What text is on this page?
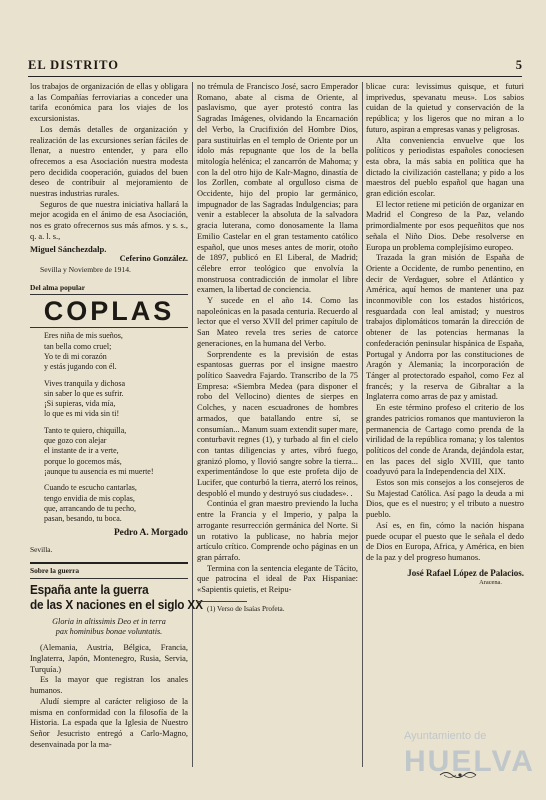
EL DISTRITO	5

los trabajos de organización de ellas y obligara a las Compañías ferroviarias a conceder una tarifa económica para los viajes de los excursionistas.

Los demás detalles de organización y realización de las excursiones serían fáciles de llenar, a nuestro entender, y para ello ofrecemos a esa Asociación nuestra modesta pero decidida cooperación, guiados del buen deseo de contribuir al mejoramiento de nuestras industrias rurales.

Seguros de que nuestra iniciativa hallará la mejor acogida en el ánimo de esa Asociación, nos es grato ofrecernos sus más afmos. y s. s., q. a. l. s.,

Miguel Sánchezdalp.
Ceferino González.
Sevilla y Noviembre de 1914.
Del alma popular
COPLAS
Eres niña de mis sueños,
tan bella como cruel;
Yo te di mi corazón
y estás jugando con él.
Vives tranquila y dichosa
sin saber lo que es sufrir.
¡Si supieras, vida mía,
lo que es mi vida sin ti!
Tanto te quiero, chiquilla,
que gozo con alejar
el instante de ir a verte,
porque lo gocemos más,
¡aunque tu ausencia es mi muerte!
Cuando te escucho cantarlas,
tengo envidia de mis coplas,
que, arrancando de tu pecho,
pasan, besando, tu boca.
Pedro A. Morgado
Sevilla.
Sobre la guerra
España ante la guerra
de las X naciones en el siglo XX
Gloria in altissimis Deo et in terra
pax hominibus bonae voluntatis.

(Alemania, Austria, Bélgica, Francia, Inglaterra, Japón, Montenegro, Rusia, Servia, Turquía.)

Es la mayor que registran los anales humanos.

Aludí siempre al carácter religioso de la misma en conformidad con la filosofía de la Historia. La espada que la Iglesia de Nuestro Señor Jesucristo entregó a Carlo-Magno, desenvainada por la ma-

no trémula de Francisco José, sacro Emperador Romano, abate al cisma de Oriente, al paslavismo, que ayer protestó contra las Sagradas Imágenes, olvidando la Encarnación del Verbo, la Crucifixión del Hombre Dios, para sustituirlas en el templo de Oriente por un ídolo más repugnante que los de la bella mitología helénica; el zancarrón de Mahoma; y con la del otro hijo de Kalr-Magno, dinastía de los Zorllen, combate al orgulloso cisma de Occidente, hijo del propio lar germánico, impugnador de las Sagradas Indulgencias; para venir a establecer la absoluta de la salvadora gracia luterana, como donosamente la llama Emilio Castelar en el gran testamento católico español, que unos meses antes de morir, otoño de 1897, publicó en El Liberal, de Madrid; célebre error teológico que envolvía la monstruosa contradicción de inmolar el libre examen, la libertad de conciencia.

Y sucede en el año 14. Como las napoleónicas en la pasada centuria. Recuerdo al lector que el verso XVII del primer capítulo de San Mateo revela tres series de catorce generaciones, en la humana del Verbo.

Sorprendente es la previsión de estas espantosas guerras por el insigne maestro político Saavedra Fajardo. Transcribo de la 75 Empresa: «Siembra Medea (para disponer el robo del Vellocino) dientes de sierpes en Colches, y nacen escuadrones de hombres armados, que batallando entre sí, se consumían... Manum suam extendit super mare, conturbavit regnes (1), y turbado al fin el cielo con tantas diligencias y artes, vibró fuego, granizó plomo, y llovió sangre sobre la tierra... experimentándose lo que este profeta dijo de Lucifer, que conturbó la tierra, aterró los reinos, despobló el mundo y destruyó sus ciudades». .

Continúa el gran maestro previendo la lucha entre la Francia y el Imperio, y palpa la arrogante resurrección germánica del Norte. Si un rotativo la publicase, no habría mejor artículo crítico. Comprende ocho páginas en un gran párrafo.

Termina con la sentencia elegante de Tácito, que patrocina el ideal de Pax Hispaniae: «Sapientis quietis, et Reipu-

(1) Verso de Isaías Profeta.

blicae cura: levissimus quisque, et futuri imprivedus, spevanatu meus». Los sabios cuidan de la quietud y conservación de la república; y los ligeros que no miran a lo futuro, aspiran a empresas vanas y peligrosas.

Alta conveniencia envuelve que los políticos y periodistas españoles conociesen esta obra, la más sabia en política que ha dictado la civilización castellana; y pido a los maestros del pueblo español que hagan una gran edición escolar.

El lector retiene mi petición de organizar en Madrid el Congreso de la Paz, velando primordialmente por esos pequeñitos que nos señala el Niño Dios. Debe resolverse en Europa un problema complejísimo europeo.

Trazada la gran misión de España de Oriente a Occidente, de rumbo penentino, en decir de Verdaguer, sobre el Atlántico y América, aquí hemos de mantener una paz inconmovible con los estados históricos, resguardada con leal amistad; y nuestros trabajos diplomáticos tomarán la dirección de obtener de las potencias hermanas la confederación peninsular hispánica de España, Portugal y Andorra por las constituciones de Aragón y Alemania; la incorporación de Tánger al protectorado español, como Fez al francés; y la reserva de Gibraltar a la Inglaterra como arras de paz y amistad.

En este término profeso el criterio de los grandes patricios romanos que mantuvieron la permanencia de Cartago como prenda de la virilidad de la república romana; y los talentos políticos del conde de Aranda, dejándola estar, en las paces del siglo XVIII, que tanto coadyuvó para la Independencia del XIX.

Estos son mis consejos a los consejeros de Su Majestad Católica. Así pago la deuda a mi Dios, que es el nuestro; y el tributo a nuestro pueblo.

Así es, en fin, cómo la nación hispana puede ocupar el puesto que le señala el dedo de Dios en Europa, Africa, y América, en bien de la paz y del progreso humanos.

José Rafael López de Palacios.
Aracena.
Ayuntamiento de
HUELVA
